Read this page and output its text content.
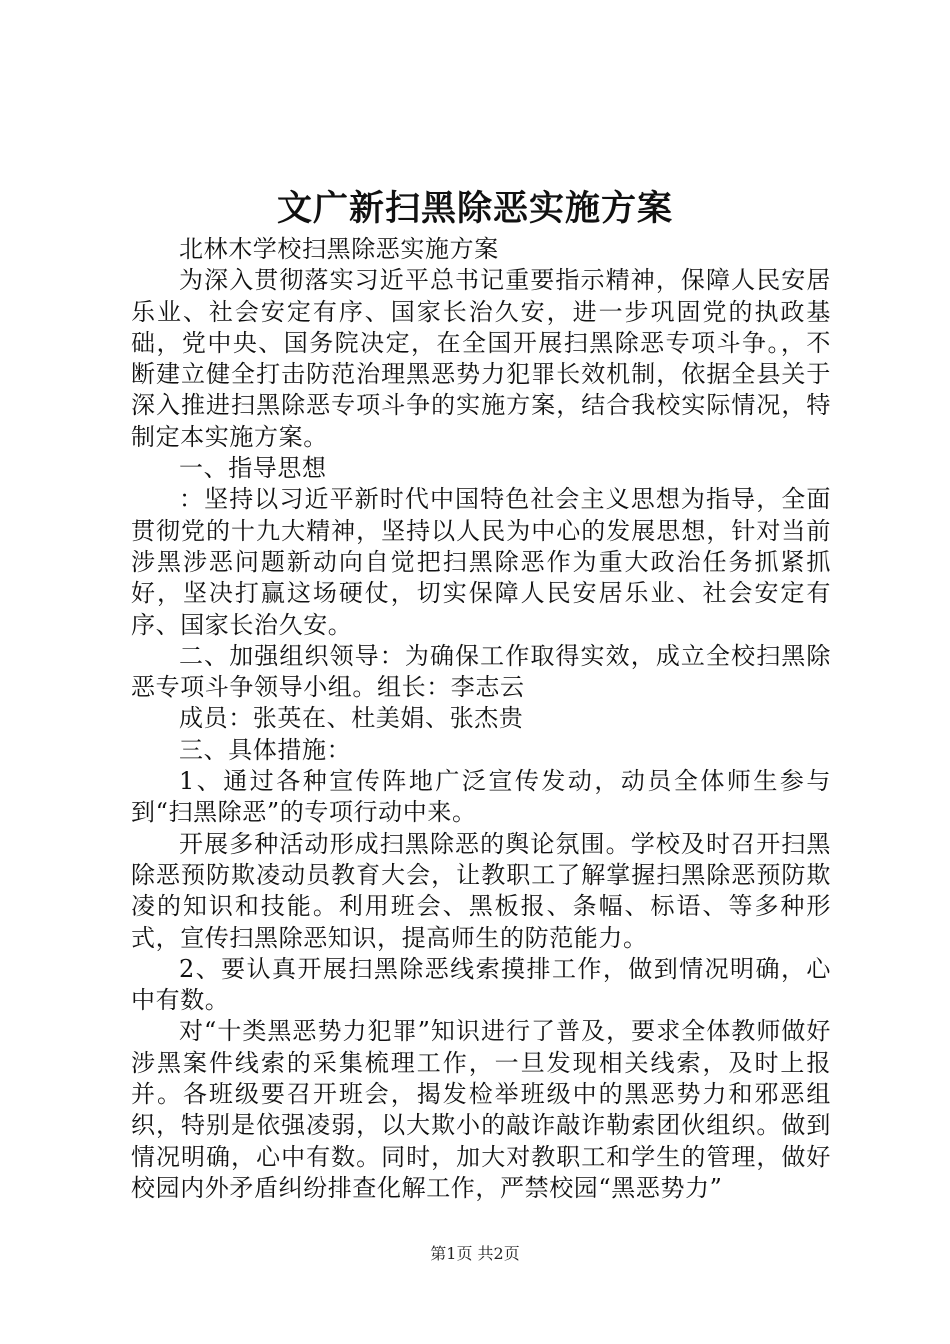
文广新扫黑除恶实施方案

北林木学校扫黑除恶实施方案

为深入贯彻落实习近平总书记重要指示精神，保障人民安居乐业、社会安定有序、国家长治久安，进一步巩固党的执政基础，党中央、国务院决定，在全国开展扫黑除恶专项斗争。，不断建立健全打击防范治理黑恶势力犯罪长效机制，依据全县关于深入推进扫黑除恶专项斗争的实施方案，结合我校实际情况，特制定本实施方案。

一、指导思想

：坚持以习近平新时代中国特色社会主义思想为指导，全面贯彻党的十九大精神，坚持以人民为中心的发展思想，针对当前涉黑涉恶问题新动向自觉把扫黑除恶作为重大政治任务抓紧抓好，坚决打赢这场硬仗，切实保障人民安居乐业、社会安定有序、国家长治久安。

二、加强组织领导：为确保工作取得实效，成立全校扫黑除恶专项斗争领导小组。组长：李志云

成员：张英在、杜美娟、张杰贵

三、具体措施：

1、通过各种宣传阵地广泛宣传发动，动员全体师生参与到“扫黑除恶”的专项行动中来。

开展多种活动形成扫黑除恶的舆论氛围。学校及时召开扫黑除恶预防欺凌动员教育大会，让教职工了解掌握扫黑除恶预防欺凌的知识和技能。利用班会、黑板报、条幅、标语、等多种形式，宣传扫黑除恶知识，提高师生的防范能力。

2、要认真开展扫黑除恶线索摸排工作，做到情况明确，心中有数。

对“十类黑恶势力犯罪”知识进行了普及，要求全体教师做好涉黑案件线索的采集梳理工作，一旦发现相关线索，及时上报并。各班级要召开班会，揭发检举班级中的黑恶势力和邪恶组织，特别是依强凌弱，以大欺小的敲诈敲诈勒索团伙组织。做到情况明确，心中有数。同时，加大对教职工和学生的管理，做好校园内外矛盾纠纷排查化解工作，严禁校园“黑恶势力”

第1页 共2页
